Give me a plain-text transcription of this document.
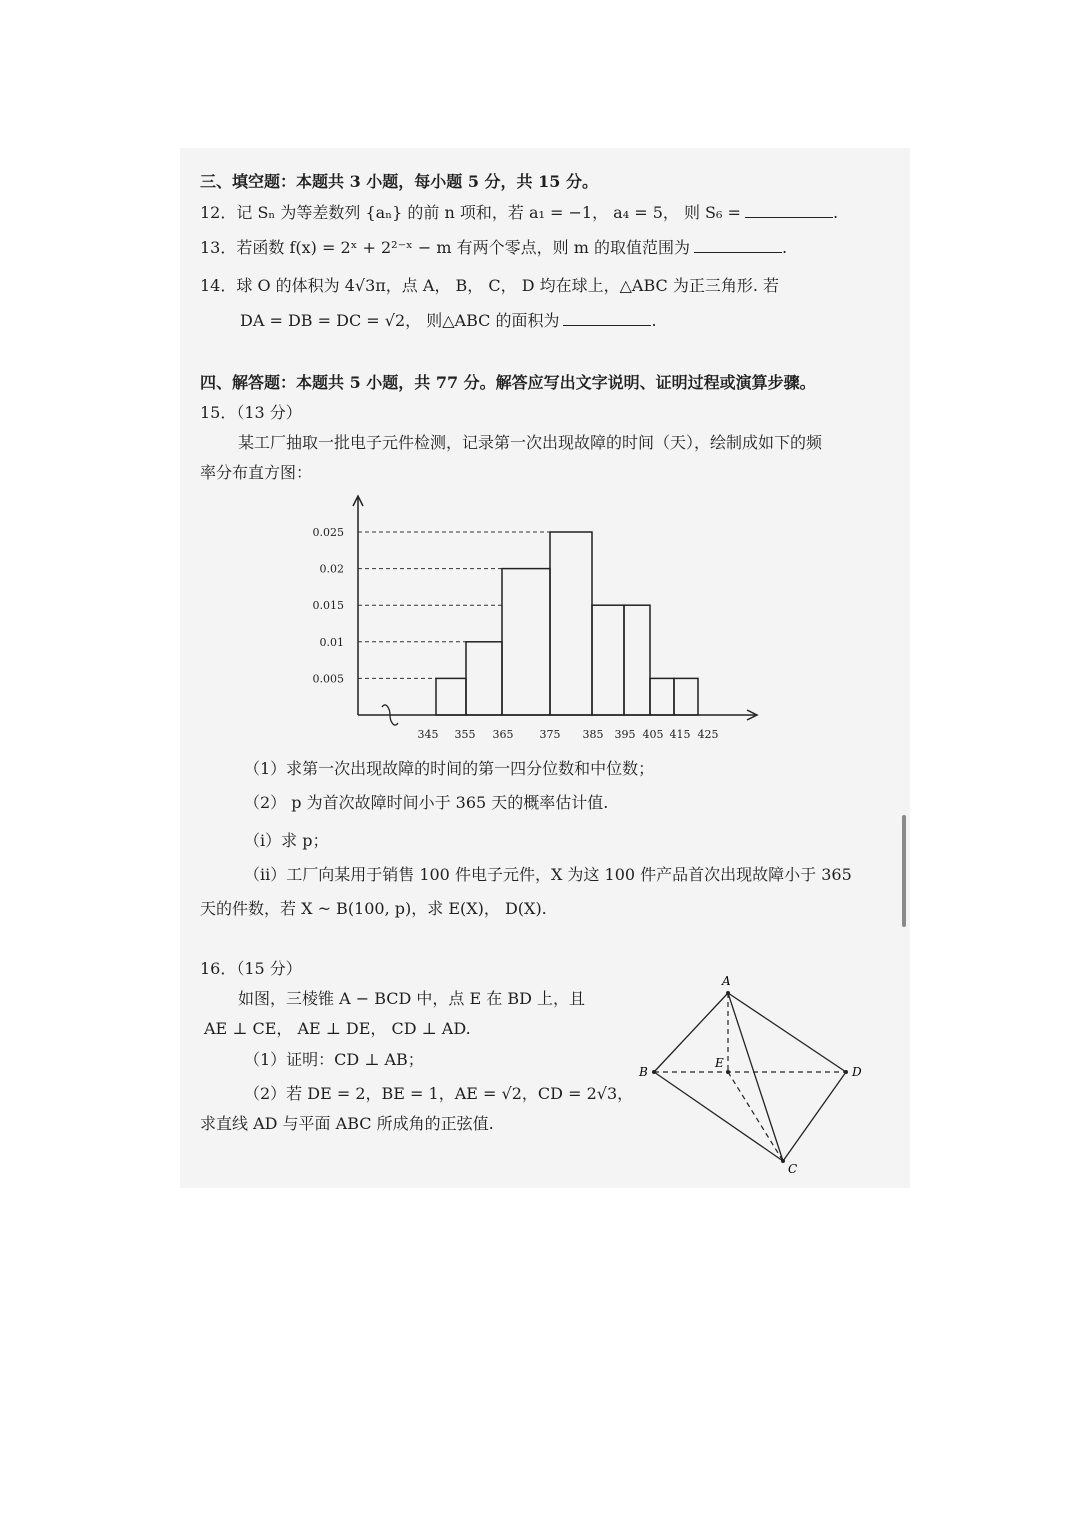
三、填空题：本题共 3 小题，每小题 5 分，共 15 分。
12．记 Sₙ 为等差数列 {aₙ} 的前 n 项和，若 a₁ = −1， a₄ = 5， 则 S₆ =	.
13．若函数 f(x) = 2ˣ + 2²⁻ˣ − m 有两个零点，则 m 的取值范围为	.
14．球 O 的体积为 4√3π，点 A， B， C， D 均在球上，△ABC 为正三角形. 若
DA = DB = DC = √2， 则△ABC 的面积为	.
四、解答题：本题共 5 小题，共 77 分。解答应写出文字说明、证明过程或演算步骤。
15．（13 分）
某工厂抽取一批电子元件检测，记录第一次出现故障的时间（天），绘制成如下的频
率分布直方图：
0.005
0.01
0.015
0.02
0.025
345 355 365 375 385 395 405 415 425
（1）求第一次出现故障的时间的第一四分位数和中位数；
（2） p 为首次故障时间小于 365 天的概率估计值.
（i）求 p；
（ii）工厂向某用于销售 100 件电子元件，X 为这 100 件产品首次出现故障小于 365
天的件数，若 X ~ B(100, p)，求 E(X)， D(X).
16．（15 分）
如图，三棱锥 A − BCD 中，点 E 在 BD 上，且
AE ⊥ CE， AE ⊥ DE， CD ⊥ AD.
（1）证明：CD ⊥ AB；
（2）若 DE = 2，BE = 1，AE = √2，CD = 2√3，
求直线 AD 与平面 ABC 所成角的正弦值.
A
B	D
C
E
